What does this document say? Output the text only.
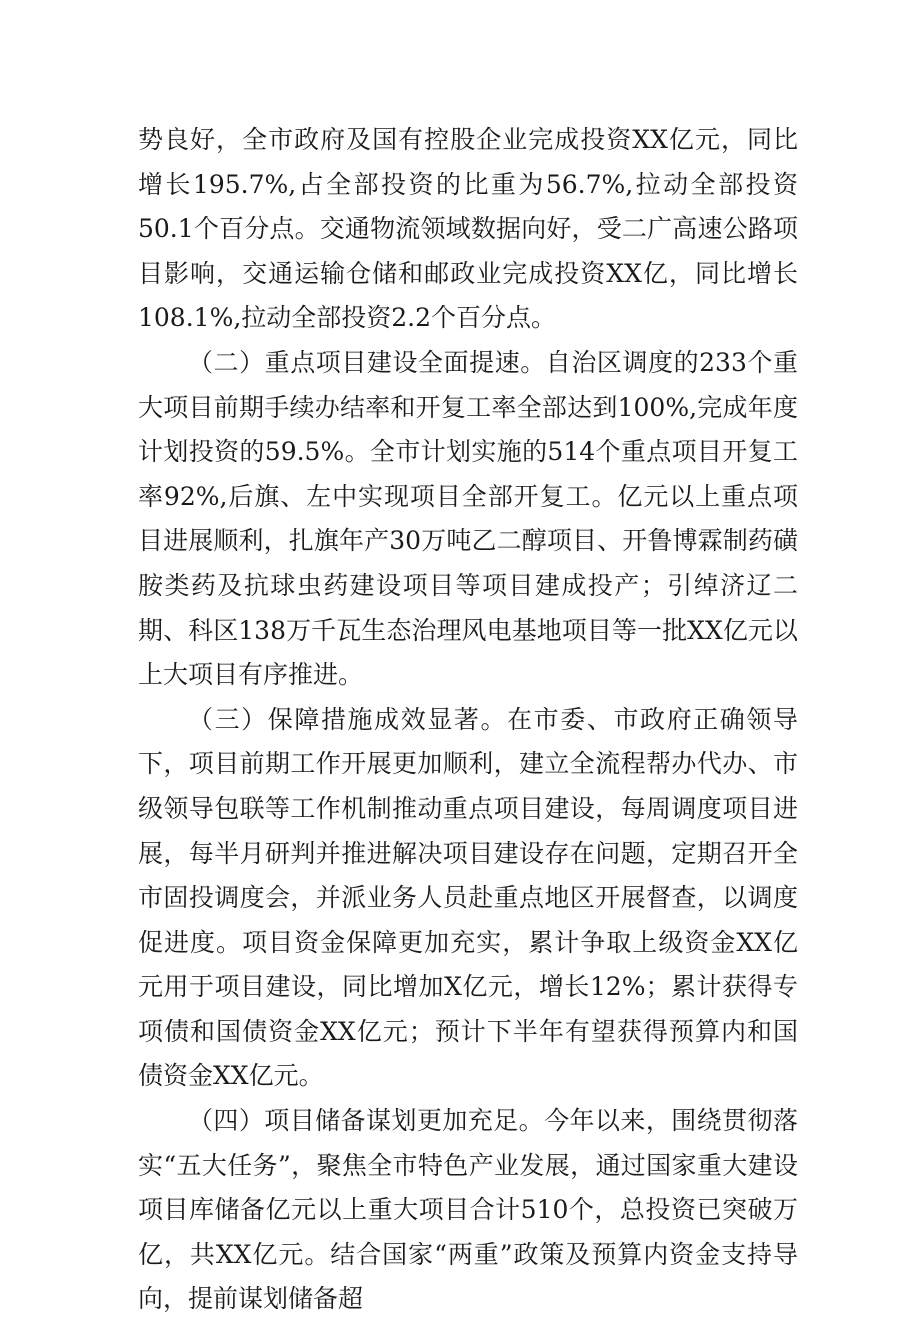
势良好，全市政府及国有控股企业完成投资XX亿元，同比增长195.7%,占全部投资的比重为56.7%,拉动全部投资50.1个百分点。交通物流领域数据向好，受二广高速公路项目影响，交通运输仓储和邮政业完成投资XX亿，同比增长108.1%,拉动全部投资2.2个百分点。

（二）重点项目建设全面提速。自治区调度的233个重大项目前期手续办结率和开复工率全部达到100%,完成年度计划投资的59.5%。全市计划实施的514个重点项目开复工率92%,后旗、左中实现项目全部开复工。亿元以上重点项目进展顺利，扎旗年产30万吨乙二醇项目、开鲁博霖制药磺胺类药及抗球虫药建设项目等项目建成投产；引绰济辽二期、科区138万千瓦生态治理风电基地项目等一批XX亿元以上大项目有序推进。

（三）保障措施成效显著。在市委、市政府正确领导下，项目前期工作开展更加顺利，建立全流程帮办代办、市级领导包联等工作机制推动重点项目建设，每周调度项目进展，每半月研判并推进解决项目建设存在问题，定期召开全市固投调度会，并派业务人员赴重点地区开展督查，以调度促进度。项目资金保障更加充实，累计争取上级资金XX亿元用于项目建设，同比增加X亿元，增长12%；累计获得专项债和国债资金XX亿元；预计下半年有望获得预算内和国债资金XX亿元。

（四）项目储备谋划更加充足。今年以来，围绕贯彻落实“五大任务”，聚焦全市特色产业发展，通过国家重大建设项目库储备亿元以上重大项目合计510个，总投资已突破万亿，共XX亿元。结合国家“两重”政策及预算内资金支持导向，提前谋划储备超
